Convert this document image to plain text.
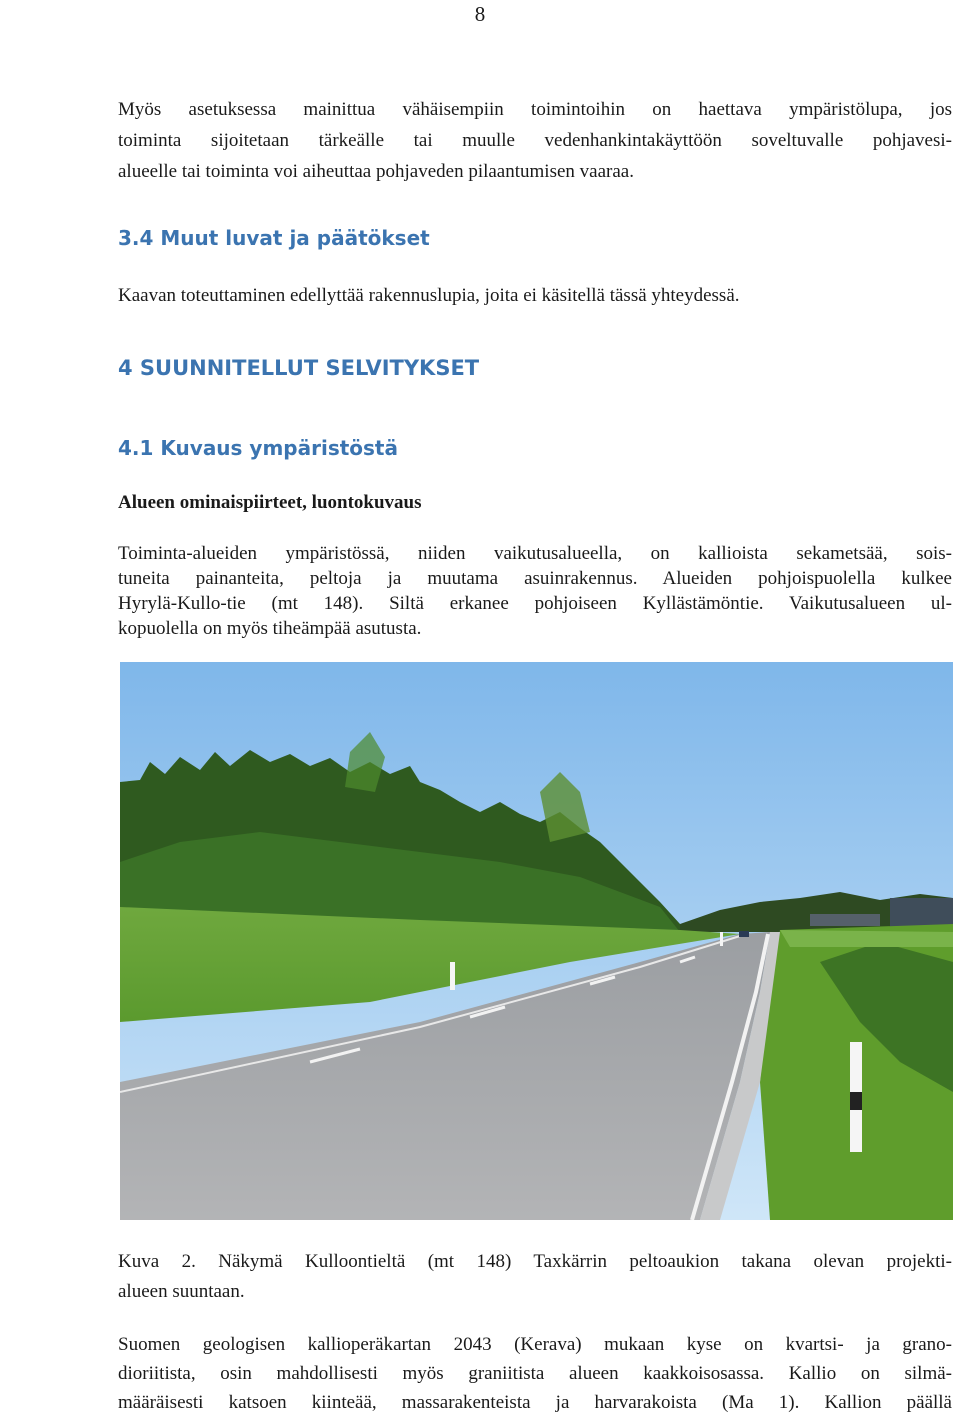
8

Myös asetuksessa mainittua vähäisempiin toimintoihin on haettava ympäristölupa, jos
toiminta sijoitetaan tärkeälle tai muulle vedenhankintakäyttöön soveltuvalle pohjavesi-
alueelle tai toiminta voi aiheuttaa pohjaveden pilaantumisen vaaraa.

3.4 Muut luvat ja päätökset

Kaavan toteuttaminen edellyttää rakennuslupia, joita ei käsitellä tässä yhteydessä.

4 SUUNNITELLUT SELVITYKSET
4.1 Kuvaus ympäristöstä

Alueen ominaispiirteet, luontokuvaus

Toiminta-alueiden ympäristössä, niiden vaikutusalueella, on kallioista sekametsää, sois-
tuneita painanteita, peltoja ja muutama asuinrakennus. Alueiden pohjoispuolella kulkee
Hyrylä-Kullo-tie (mt 148). Siltä erkanee pohjoiseen Kyllästämöntie. Vaikutusalueen ul-
kopuolella on myös tiheämpää asutusta.

Kuva 2. Näkymä Kulloontieltä (mt 148) Taxkärrin peltoaukion takana olevan projekti-
alueen suuntaan.

Suomen geologisen kallioperäkartan 2043 (Kerava) mukaan kyse on kvartsi- ja grano-
dioriitista, osin mahdollisesti myös graniitista alueen kaakkoisosassa. Kallio on silmä-
määräisesti katsoen kiinteää, massarakenteista ja harvarakoista (Ma 1). Kallion päällä
